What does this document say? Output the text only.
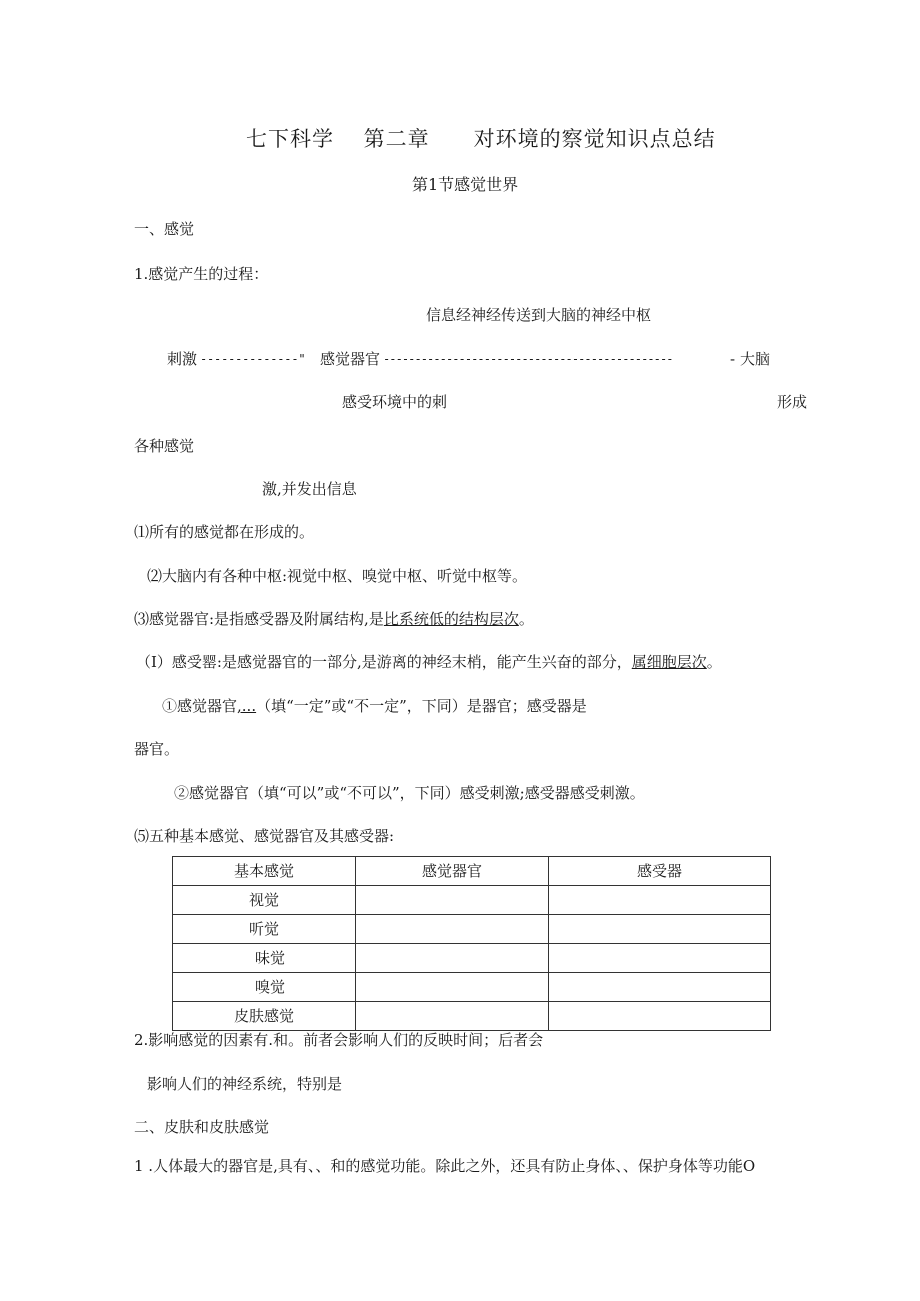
七下科学　 第二章　　对环境的察觉知识点总结
第1节感觉世界
一、感觉
1.感觉产生的过程：
信息经神经传送到大脑的神经中枢
刺激 --------------" 感觉器官 ----------------------------------------------	- 大脑
感受环境中的刺	形成
各种感觉
激,并发出信息
⑴所有的感觉都在形成的。
⑵大脑内有各种中枢:视觉中枢、嗅觉中枢、听觉中枢等。
⑶感觉器官:是指感受器及附属结构,是比系统低的结构层次。
（I）感受罂:是感觉器官的一部分,是游离的神经末梢，能产生兴奋的部分，属细胞层次。
①感觉器官,...（填“一定”或“不一定”，下同）是器官；感受器是
器官。
②感觉器官（填“可以”或“不可以”，下同）感受刺激;感受器感受刺激。
⑸五种基本感觉、感觉器官及其感受器:
基本感觉	感觉器官	感受器
视觉		
听觉		
味觉		
嗅觉		
皮肤感觉		
2.影响感觉的因素有.和。前者会影响人们的反映时间；后者会
影响人们的神经系统，特别是
二、皮肤和皮肤感觉
1 .人体最大的器官是,具有、、和的感觉功能。除此之外，还具有防止身体、、保护身体等功能O
